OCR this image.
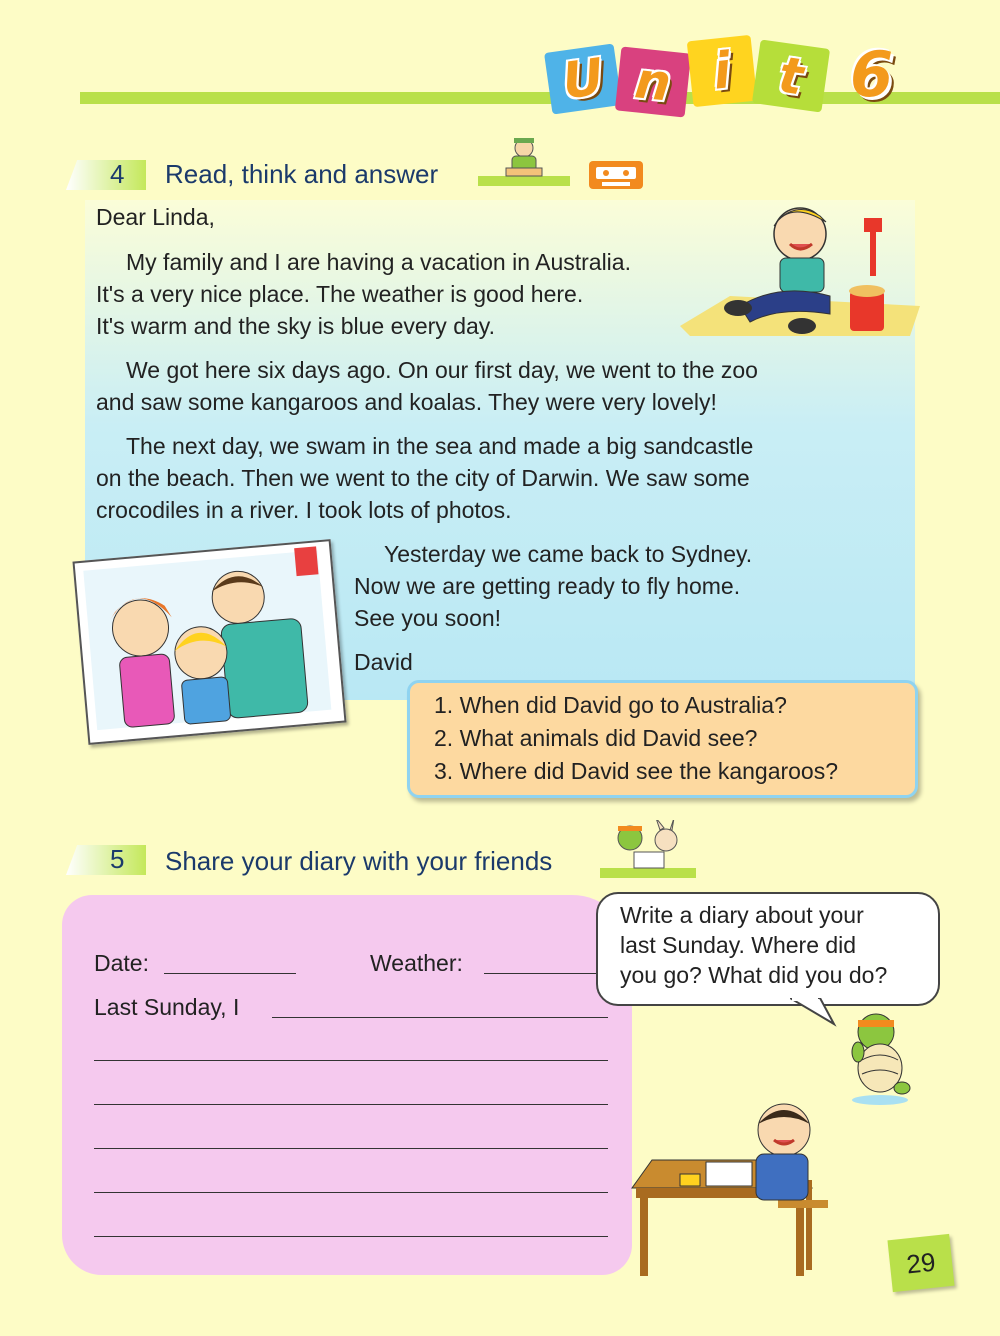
U n i t 6
4 Read, think and answer
Dear Linda,
My family and I are having a vacation in Australia.
It's a very nice place. The weather is good here.
It's warm and the sky is blue every day.
We got here six days ago. On our first day, we went to the zoo
and saw some kangaroos and koalas. They were very lovely!
The next day, we swam in the sea and made a big sandcastle
on the beach. Then we went to the city of Darwin. We saw some
crocodiles in a river. I took lots of photos.
Yesterday we came back to Sydney.
Now we are getting ready to fly home.
See you soon!
David
1. When did David go to Australia?
2. What animals did David see?
3. Where did David see the kangaroos?
5 Share your diary with your friends
Date:	Weather:
Last Sunday, I
Write a diary about your
last Sunday. Where did
you go? What did you do?
29
